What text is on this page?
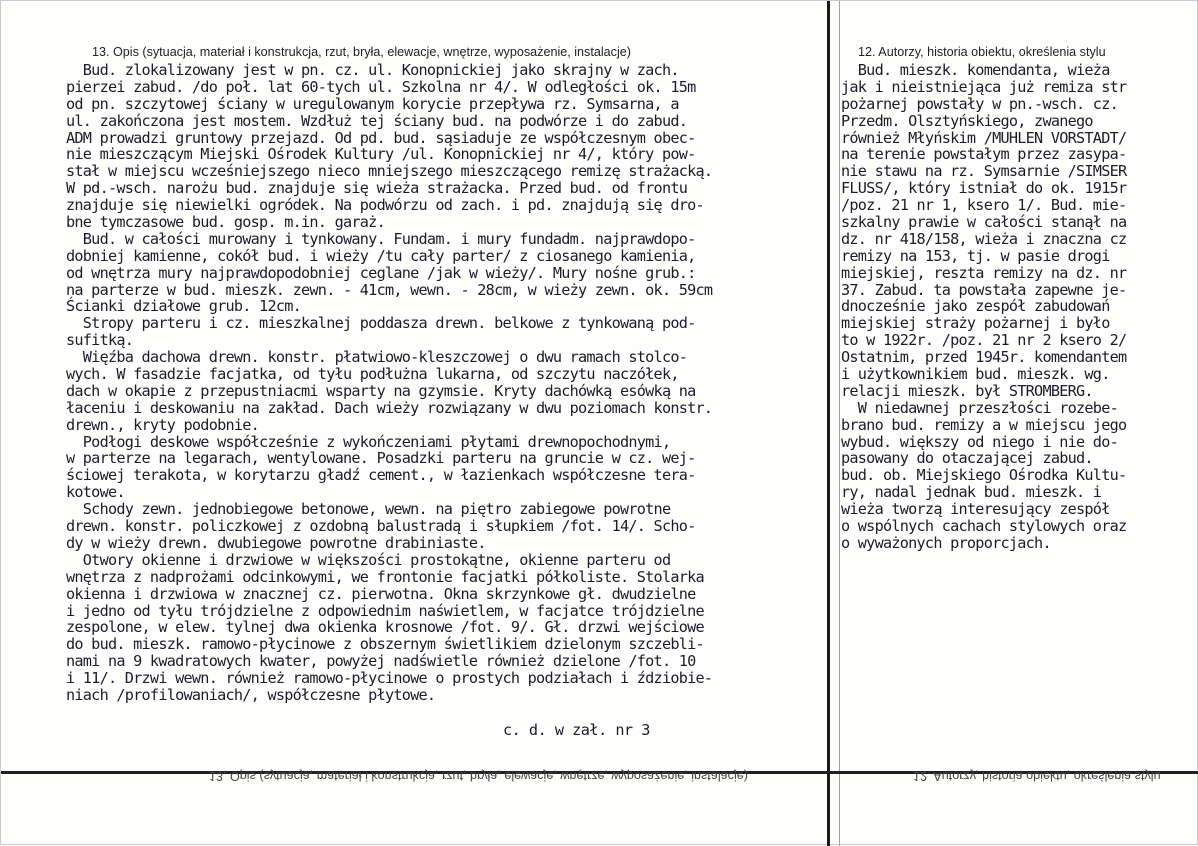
13. Opis (sytuacja, materiał i konstrukcja, rzut, bryła, elewacje, wnętrze, wyposażenie, instalacje)
Bud. zlokalizowany jest w pn. cz. ul. Konopnickiej jako skrajny w zach.
pierzei zabud. /do poł. lat 60-tych ul. Szkolna nr 4/. W odległości ok. 15m
od pn. szczytowej ściany w uregulowanym korycie przepływa rz. Symsarna, a
ul. zakończona jest mostem. Wzdłuż tej ściany bud. na podwórze i do zabud.
ADM prowadzi gruntowy przejazd. Od pd. bud. sąsiaduje ze współczesnym obec-
nie mieszczącym Miejski Ośrodek Kultury /ul. Konopnickiej nr 4/, który pow-
stał w miejscu wcześniejszego nieco mniejszego mieszczącego remizę strażacką.
W pd.-wsch. narożu bud. znajduje się wieża strażacka. Przed bud. od frontu
znajduje się niewielki ogródek. Na podwórzu od zach. i pd. znajdują się dro-
bne tymczasowe bud. gosp. m.in. garaż.
Bud. w całości murowany i tynkowany. Fundam. i mury fundadm. najprawdopo-
dobniej kamienne, cokół bud. i wieży /tu cały parter/ z ciosanego kamienia,
od wnętrza mury najprawdopodobniej ceglane /jak w wieży/. Mury nośne grub.:
na parterze w bud. mieszk. zewn. - 41cm, wewn. - 28cm, w wieży zewn. ok. 59cm
Ścianki działowe grub. 12cm.
Stropy parteru i cz. mieszkalnej poddasza drewn. belkowe z tynkowaną pod-
sufitką.
Więźba dachowa drewn. konstr. płatwiowo-kleszczowej o dwu ramach stolco-
wych. W fasadzie facjatka, od tyłu podłużna lukarna, od szczytu naczółek,
dach w okapie z przepustniacmi wsparty na gzymsie. Kryty dachówką esówką na
łaceniu i deskowaniu na zakład. Dach wieży rozwiązany w dwu poziomach konstr.
drewn., kryty podobnie.
Podłogi deskowe współcześnie z wykończeniami płytami drewnopochodnymi,
w parterze na legarach, wentylowane. Posadzki parteru na gruncie w cz. wej-
ściowej terakota, w korytarzu gładź cement., w łazienkach współczesne tera-
kotowe.
Schody zewn. jednobiegowe betonowe, wewn. na piętro zabiegowe powrotne
drewn. konstr. policzkowej z ozdobną balustradą i słupkiem /fot. 14/. Scho-
dy w wieży drewn. dwubiegowe powrotne drabiniaste.
Otwory okienne i drzwiowe w większości prostokątne, okienne parteru od
wnętrza z nadprożami odcinkowymi, we frontonie facjatki półkoliste. Stolarka
okienna i drzwiowa w znacznej cz. pierwotna. Okna skrzynkowe gł. dwudzielne
i jedno od tyłu trójdzielne z odpowiednim naświetlem, w facjatce trójdzielne
zespolone, w elew. tylnej dwa okienka krosnowe /fot. 9/. Gł. drzwi wejściowe
do bud. mieszk. ramowo-płycinowe z obszernym świetlikiem dzielonym szczebli-
nami na 9 kwadratowych kwater, powyżej nadświetle również dzielone /fot. 10
i 11/. Drzwi wewn. również ramowo-płycinowe o prostych podziałach i ździobie-
niach /profilowaniach/, współczesne płytowe.
c. d. w zał. nr 3
12. Autorzy, historia obiektu, określenia stylu
Bud. mieszk. komendanta, wieża
jak i nieistniejąca już remiza str
pożarnej powstały w pn.-wsch. cz.
Przedm. Olsztyńskiego, zwanego
również Młyńskim /MUHLEN VORSTADT/
na terenie powstałym przez zasypa-
nie stawu na rz. Symsarnie /SIMSER
FLUSS/, który istniał do ok. 1915r
/poz. 21 nr 1, ksero 1/. Bud. mie-
szkalny prawie w całości stanął na
dz. nr 418/158, wieża i znaczna cz
remizy na 153, tj. w pasie drogi
miejskiej, reszta remizy na dz. nr
37. Zabud. ta powstała zapewne je-
dnocześnie jako zespół zabudowań
miejskiej straży pożarnej i było
to w 1922r. /poz. 21 nr 2 ksero 2/
Ostatnim, przed 1945r. komendantem
i użytkownikiem bud. mieszk. wg.
relacji mieszk. był STROMBERG.
W niedawnej przeszłości rozebe-
brano bud. remizy a w miejscu jego
wybud. większy od niego i nie do-
pasowany do otaczającej zabud.
bud. ob. Miejskiego Ośrodka Kultu-
ry, nadal jednak bud. mieszk. i
wieża tworzą interesujący zespół
o wspólnych cachach stylowych oraz
o wyważonych proporcjach.
13. Opis (sytuacja, materiał i konstrukcja, rzut, bryła, elewacje, wnętrze, wyposażenie, instalacje)	12. Autorzy, historia obiektu, określenia stylu
